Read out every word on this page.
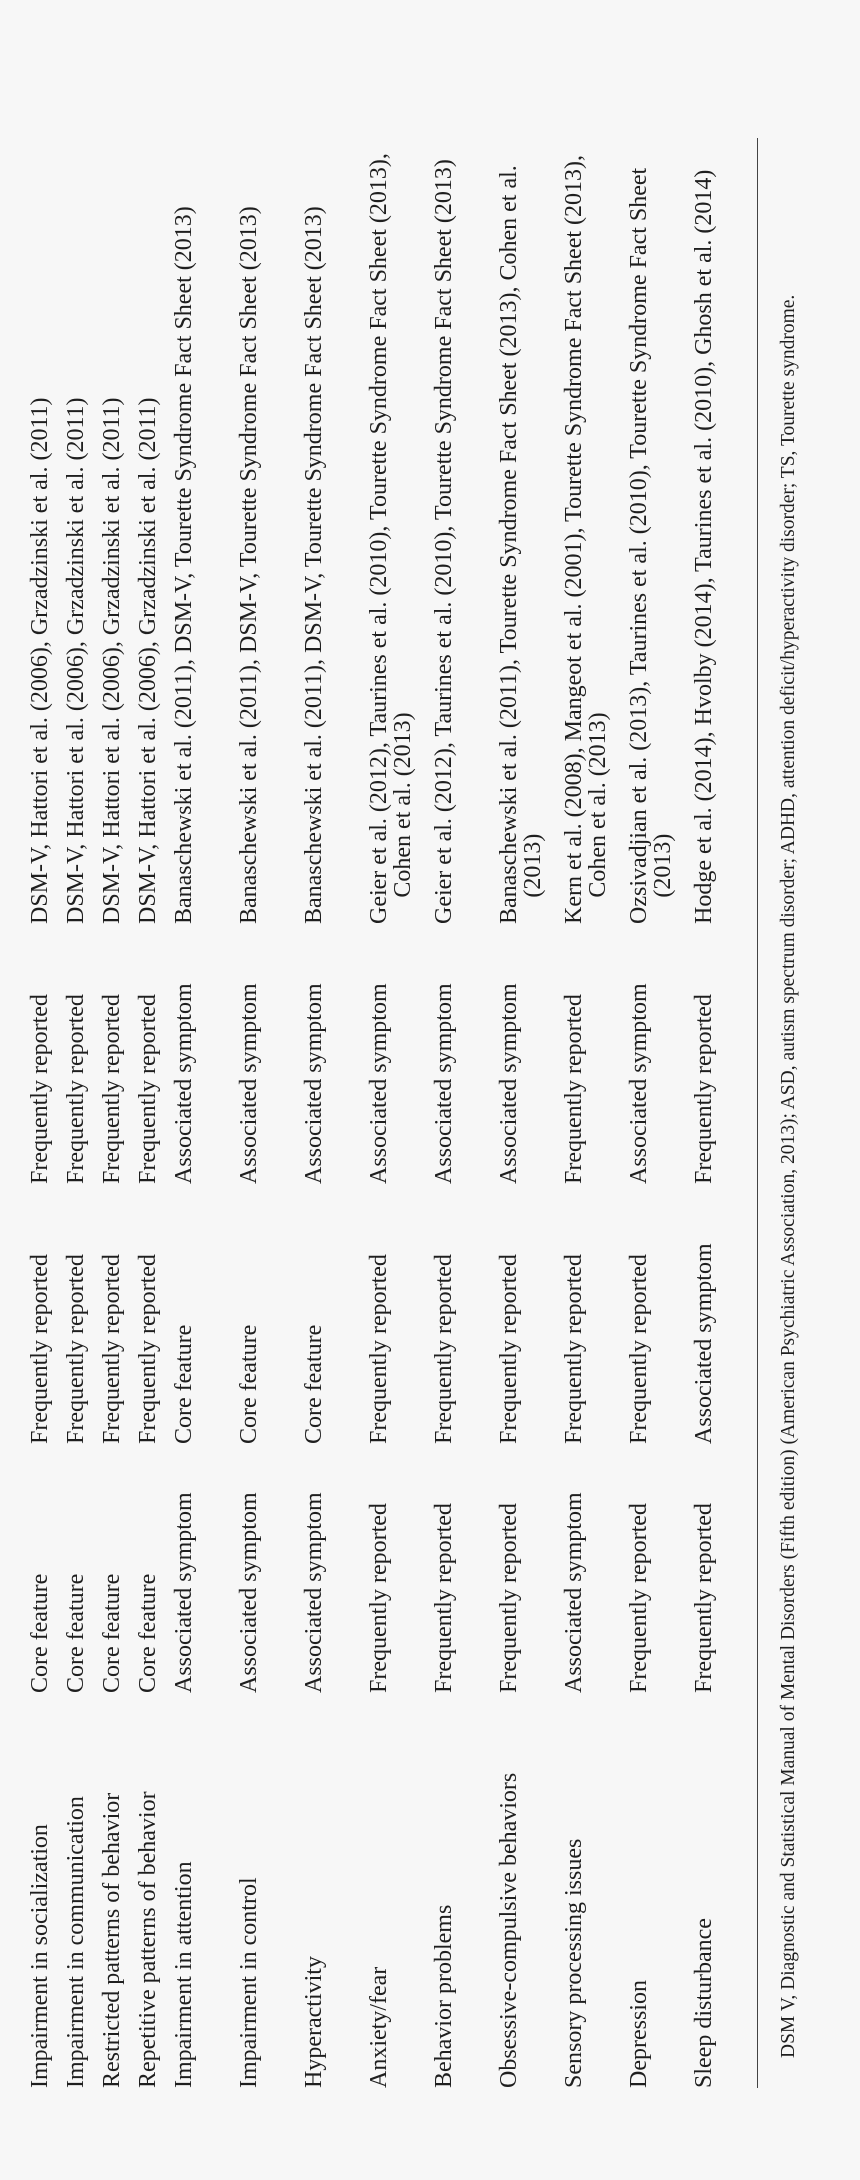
Impairment in socialization
Core feature
Frequently reported
Frequently reported
DSM-V, Hattori et al. (2006), Grzadzinski et al. (2011)
Impairment in communication
Core feature
Frequently reported
Frequently reported
DSM-V, Hattori et al. (2006), Grzadzinski et al. (2011)
Restricted patterns of behavior
Core feature
Frequently reported
Frequently reported
DSM-V, Hattori et al. (2006), Grzadzinski et al. (2011)
Repetitive patterns of behavior
Core feature
Frequently reported
Frequently reported
DSM-V, Hattori et al. (2006), Grzadzinski et al. (2011)
Impairment in attention
Associated symptom
Core feature
Associated symptom
Banaschewski et al. (2011), DSM-V, Tourette Syndrome Fact Sheet (2013)
Impairment in control
Associated symptom
Core feature
Associated symptom
Banaschewski et al. (2011), DSM-V, Tourette Syndrome Fact Sheet (2013)
Hyperactivity
Associated symptom
Core feature
Associated symptom
Banaschewski et al. (2011), DSM-V, Tourette Syndrome Fact Sheet (2013)
Anxiety/fear
Frequently reported
Frequently reported
Associated symptom
Geier et al. (2012), Taurines et al. (2010), Tourette Syndrome Fact Sheet (2013), Cohen et al. (2013)
Behavior problems
Frequently reported
Frequently reported
Associated symptom
Geier et al. (2012), Taurines et al. (2010), Tourette Syndrome Fact Sheet (2013)
Obsessive-compulsive behaviors
Frequently reported
Frequently reported
Associated symptom
Banaschewski et al. (2011), Tourette Syndrome Fact Sheet (2013), Cohen et al. (2013)
Sensory processing issues
Associated symptom
Frequently reported
Frequently reported
Kern et al. (2008), Mangeot et al. (2001), Tourette Syndrome Fact Sheet (2013), Cohen et al. (2013)
Depression
Frequently reported
Frequently reported
Associated symptom
Ozsivadjian et al. (2013), Taurines et al. (2010), Tourette Syndrome Fact Sheet (2013)
Sleep disturbance
Frequently reported
Associated symptom
Frequently reported
Hodge et al. (2014), Hvolby (2014), Taurines et al. (2010), Ghosh et al. (2014)	DSM V, Diagnostic and Statistical Manual of Mental Disorders (Fifth edition) (American Psychiatric Association, 2013); ASD, autism spectrum disorder; ADHD, attention deficit/hyperactivity disorder; TS, Tourette syndrome.
